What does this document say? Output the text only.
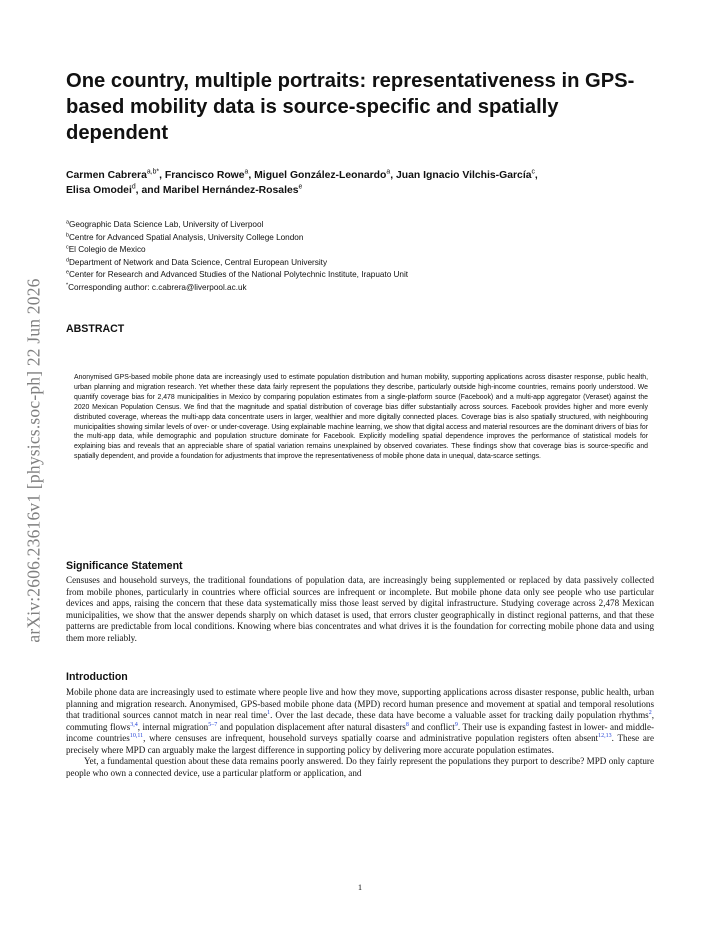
arXiv:2606.23616v1 [physics.soc-ph] 22 Jun 2026
One country, multiple portraits: representativeness in GPS-based mobility data is source-specific and spatially dependent
Carmen Cabrera$^{a,b*}$, Francisco Rowe$^a$, Miguel González-Leonardo$^a$, Juan Ignacio Vilchis-García$^c$,
Elisa Omodei$^d$, and Maribel Hernández-Rosales$^e$
$^a$Geographic Data Science Lab, University of Liverpool
$^b$Centre for Advanced Spatial Analysis, University College London
$^c$El Colegio de Mexico
$^d$Department of Network and Data Science, Central European University
$^e$Center for Research and Advanced Studies of the National Polytechnic Institute, Irapuato Unit
*Corresponding author: c.cabrera@liverpool.ac.uk
ABSTRACT

Anonymised GPS-based mobile phone data are increasingly used to estimate population distribution and human mobility, supporting applications across disaster response, public health, urban planning and migration research. Yet whether these data fairly represent the populations they describe, particularly outside high-income countries, remains poorly understood. We quantify coverage bias for 2,478 municipalities in Mexico by comparing population estimates from a single-platform source (Facebook) and a multi-app aggregator (Veraset) against the 2020 Mexican Population Census. We find that the magnitude and spatial distribution of coverage bias differ substantially across sources. Facebook provides higher and more evenly distributed coverage, whereas the multi-app data concentrate users in larger, wealthier and more digitally connected places. Coverage bias is also spatially structured, with neighbouring municipalities showing similar levels of over- or under-coverage. Using explainable machine learning, we show that digital access and material resources are the dominant drivers of bias for the multi-app data, while demographic and population structure dominate for Facebook. Explicitly modelling spatial dependence improves the performance of statistical models for explaining bias and reveals that an appreciable share of spatial variation remains unexplained by observed covariates. These findings show that coverage bias is source-specific and spatially dependent, and provide a foundation for adjustments that improve the representativeness of mobile phone data in unequal, data-scarce settings.

Significance Statement

Censuses and household surveys, the traditional foundations of population data, are increasingly being supplemented or replaced by data passively collected from mobile phones, particularly in countries where official sources are infrequent or incomplete. But mobile phone data only see people who use particular devices and apps, raising the concern that these data systematically miss those least served by digital infrastructure. Studying coverage across 2,478 Mexican municipalities, we show that the answer depends sharply on which dataset is used, that errors cluster geographically in distinct regional patterns, and that these patterns are predictable from local conditions. Knowing where bias concentrates and what drives it is the foundation for correcting mobile phone data and using them more reliably.

Introduction

Mobile phone data are increasingly used to estimate where people live and how they move, supporting applications across disaster response, public health, urban planning and migration research. Anonymised, GPS-based mobile phone data (MPD) record human presence and movement at spatial and temporal resolutions that traditional sources cannot match in near real time$^1$. Over the last decade, these data have become a valuable asset for tracking daily population rhythms$^2$, commuting flows$^{3,4}$, internal migration$^{5-7}$ and population displacement after natural disasters$^8$ and conflict$^9$. Their use is expanding fastest in lower- and middle-income countries$^{10,11}$, where censuses are infrequent, household surveys spatially coarse and administrative population registers often absent$^{12,13}$. These are precisely where MPD can arguably make the largest difference in supporting policy by delivering more accurate population estimates.

Yet, a fundamental question about these data remains poorly answered. Do they fairly represent the populations they purport to describe? MPD only capture people who own a connected device, use a particular platform or application, and

1
